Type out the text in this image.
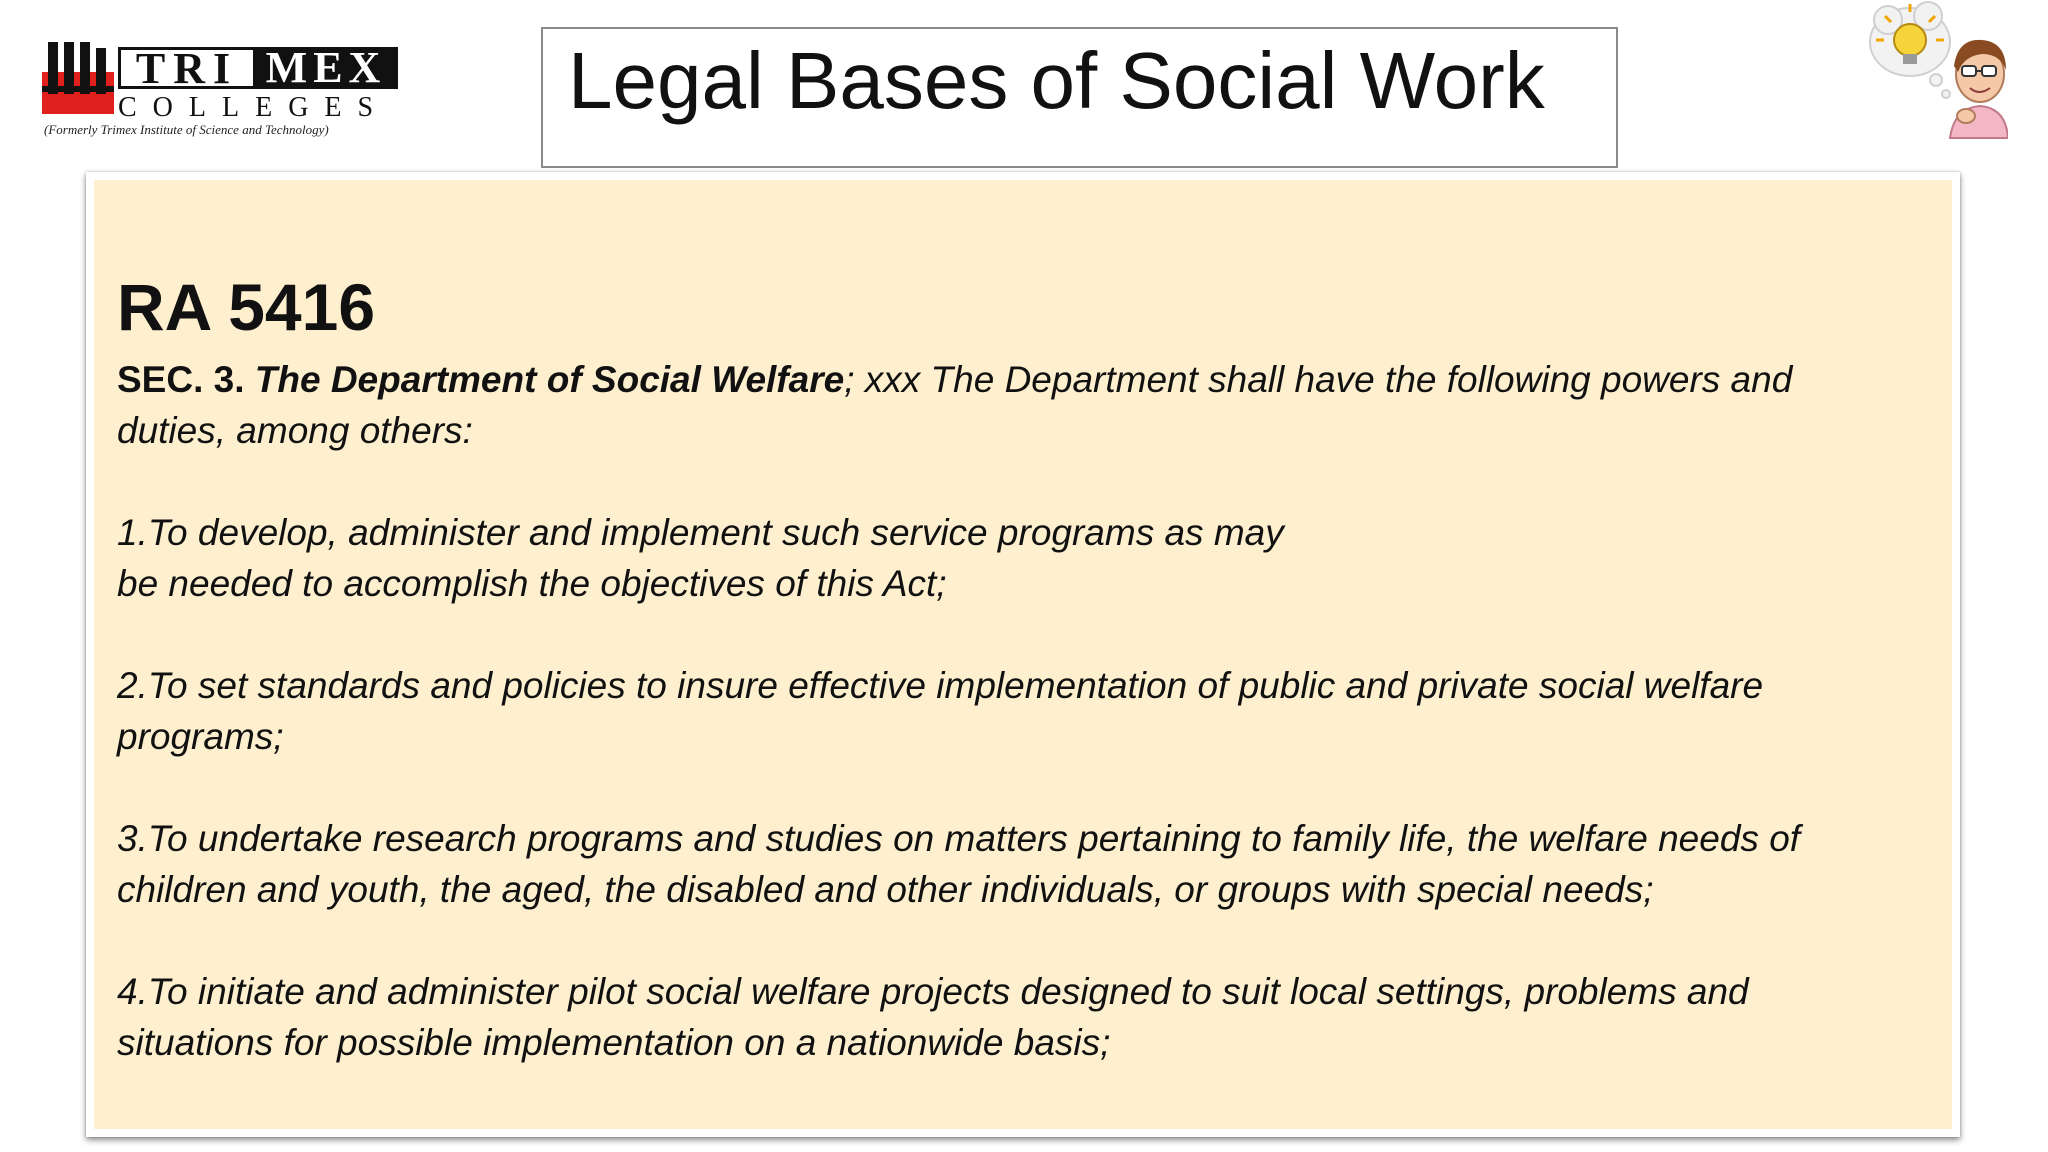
TRI MEX
COLLEGES
(Formerly Trimex Institute of Science and Technology)
Legal Bases of Social Work
RA 5416

SEC. 3. The Department of Social Welfare; xxx The Department shall have the following powers and
duties, among others:

1.To develop, administer and implement such service programs as may
be needed to accomplish the objectives of this Act;

2.To set standards and policies to insure effective implementation of public and private social welfare
programs;

3.To undertake research programs and studies on matters pertaining to family life, the welfare needs of
children and youth, the aged, the disabled and other individuals, or groups with special needs;

4.To initiate and administer pilot social welfare projects designed to suit local settings, problems and
situations for possible implementation on a nationwide basis;
